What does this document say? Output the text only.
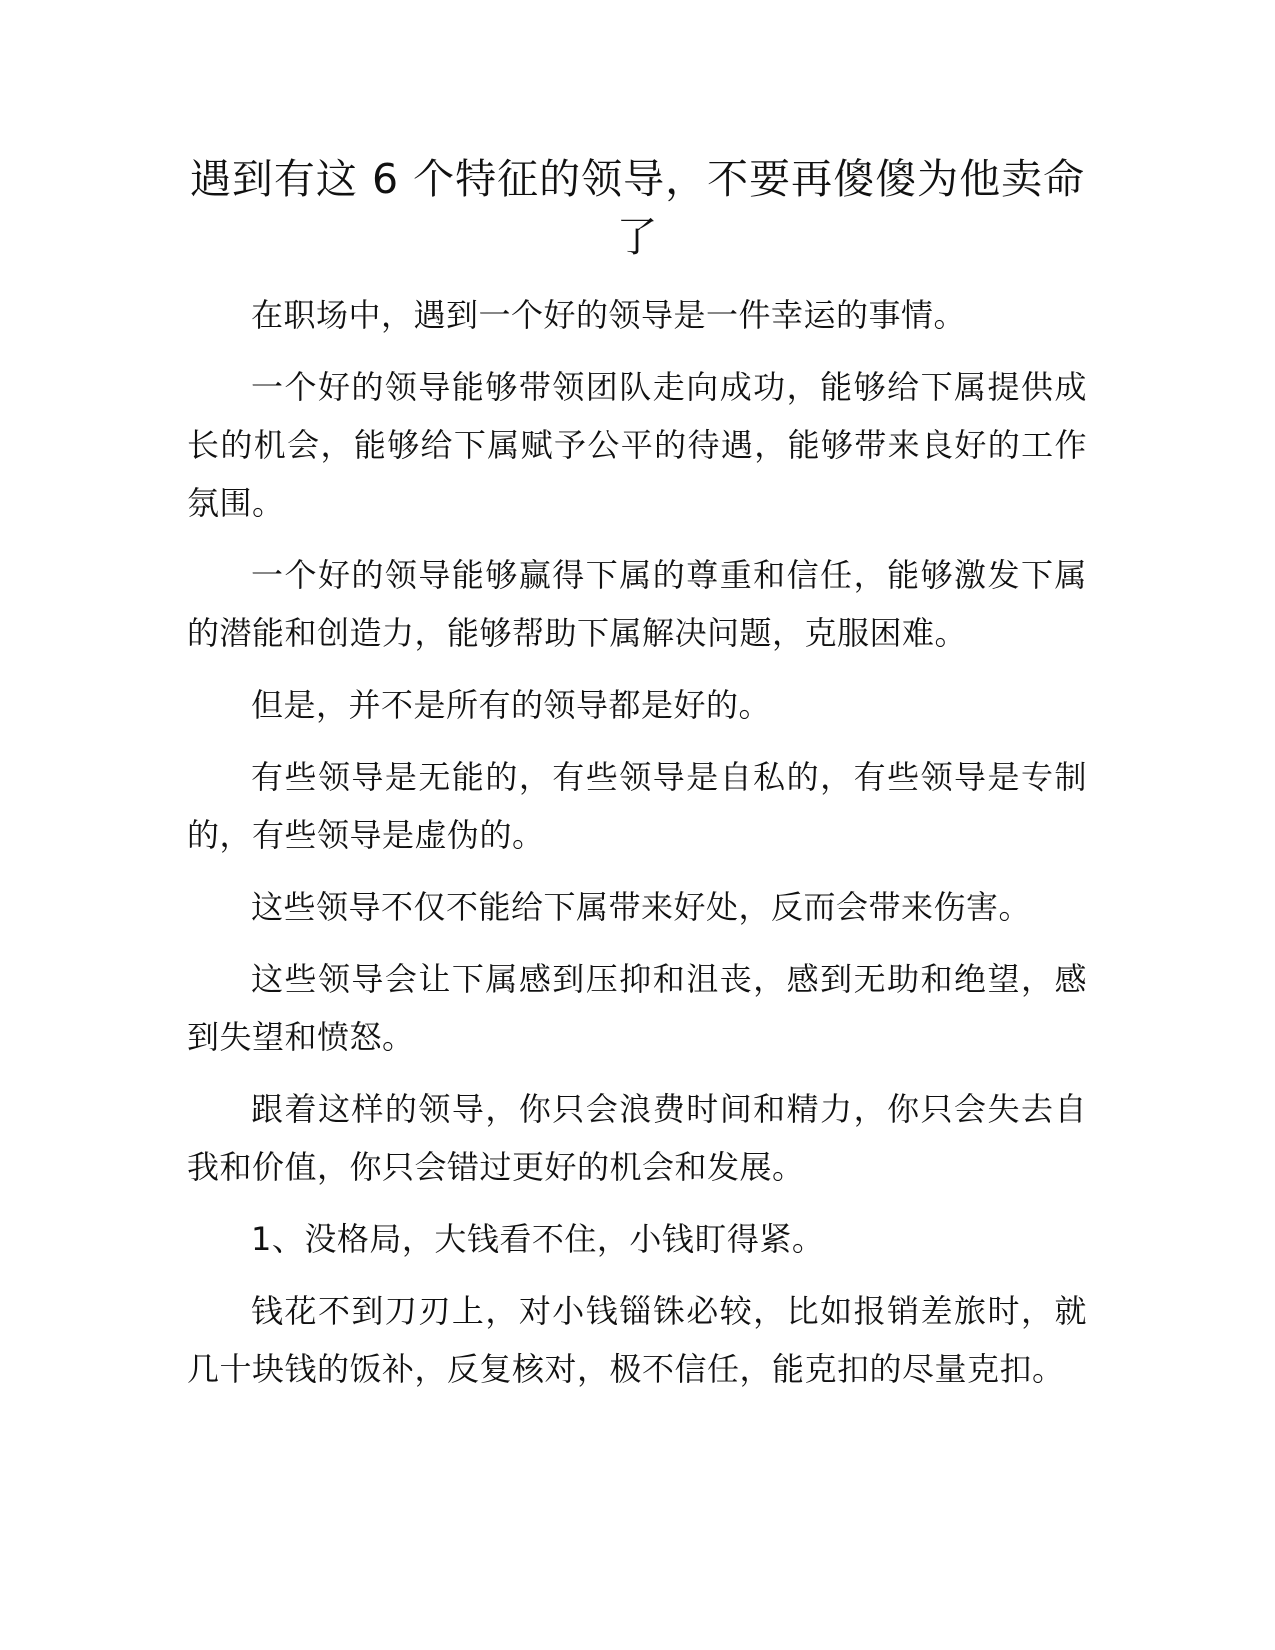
遇到有这 6 个特征的领导，不要再傻傻为他卖命了

在职场中，遇到一个好的领导是一件幸运的事情。

一个好的领导能够带领团队走向成功，能够给下属提供成长的机会，能够给下属赋予公平的待遇，能够带来良好的工作氛围。

一个好的领导能够赢得下属的尊重和信任，能够激发下属的潜能和创造力，能够帮助下属解决问题，克服困难。

但是，并不是所有的领导都是好的。

有些领导是无能的，有些领导是自私的，有些领导是专制的，有些领导是虚伪的。

这些领导不仅不能给下属带来好处，反而会带来伤害。

这些领导会让下属感到压抑和沮丧，感到无助和绝望，感到失望和愤怒。

跟着这样的领导，你只会浪费时间和精力，你只会失去自我和价值，你只会错过更好的机会和发展。

1、没格局，大钱看不住，小钱盯得紧。

钱花不到刀刃上，对小钱锱铢必较，比如报销差旅时，就几十块钱的饭补，反复核对，极不信任，能克扣的尽量克扣。
